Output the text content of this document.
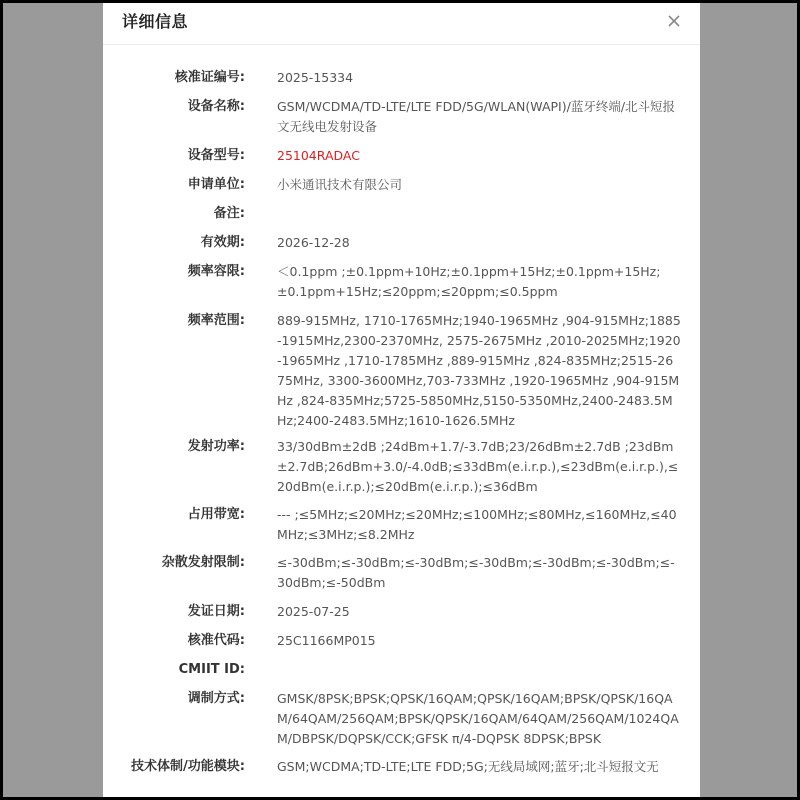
详细信息
核准证编号:	2025-15334
设备名称:	GSM/WCDMA/TD-LTE/LTE FDD/5G/WLAN(WAPI)/蓝牙终端/北斗短报文无线电发射设备
设备型号:	25104RADAC
申请单位:	小米通讯技术有限公司
备注:
有效期:	2026-12-28
频率容限:	＜0.1ppm ;±0.1ppm+10Hz;±0.1ppm+15Hz;±0.1ppm+15Hz;±0.1ppm+15Hz;≤20ppm;≤20ppm;≤0.5ppm
频率范围:	889-915MHz, 1710-1765MHz;1940-1965MHz ,904-915MHz;1885-1915MHz,2300-2370MHz, 2575-2675MHz ,2010-2025MHz;1920-1965MHz ,1710-1785MHz ,889-915MHz ,824-835MHz;2515-2675MHz, 3300-3600MHz,703-733MHz ,1920-1965MHz ,904-915MHz ,824-835MHz;5725-5850MHz,5150-5350MHz,2400-2483.5MHz;2400-2483.5MHz;1610-1626.5MHz
发射功率:	33/30dBm±2dB ;24dBm+1.7/-3.7dB;23/26dBm±2.7dB ;23dBm±2.7dB;26dBm+3.0/-4.0dB;≤33dBm(e.i.r.p.),≤23dBm(e.i.r.p.),≤20dBm(e.i.r.p.);≤20dBm(e.i.r.p.);≤36dBm
占用带宽:	--- ;≤5MHz;≤20MHz;≤20MHz;≤100MHz;≤80MHz,≤160MHz,≤40MHz;≤3MHz;≤8.2MHz
杂散发射限制:	≤-30dBm;≤-30dBm;≤-30dBm;≤-30dBm;≤-30dBm;≤-30dBm;≤-30dBm;≤-50dBm
发证日期:	2025-07-25
核准代码:	25C1166MP015
CMIIT ID:
调制方式:	GMSK/8PSK;BPSK;QPSK/16QAM;QPSK/16QAM;BPSK/QPSK/16QAM/64QAM/256QAM;BPSK/QPSK/16QAM/64QAM/256QAM/1024QAM/DBPSK/DQPSK/CCK;GFSK π/4-DQPSK 8DPSK;BPSK
技术体制/功能模块:	GSM;WCDMA;TD-LTE;LTE FDD;5G;无线局域网;蓝牙;北斗短报文无
